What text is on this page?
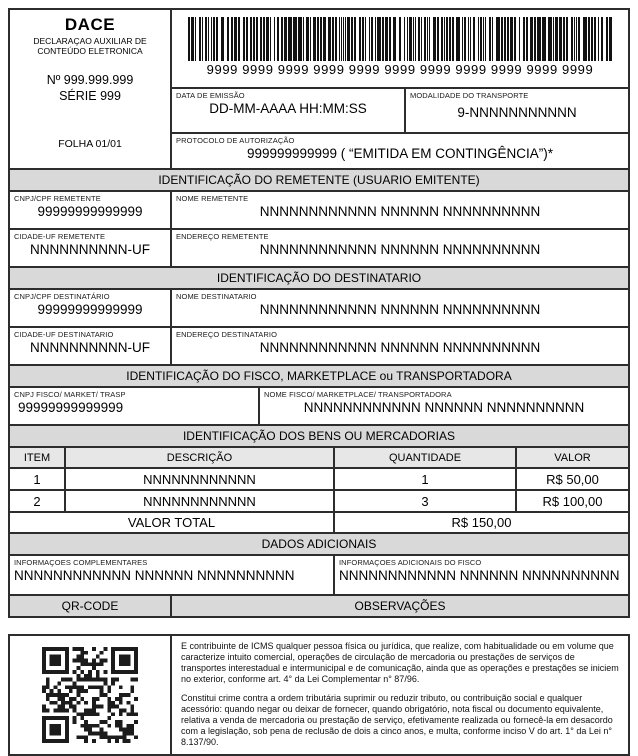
DACE
DECLARAÇAO AUXILIAR DE
CONTEÚDO ELETRONICA
Nº 999.999.999
SÉRIE 999
FOLHA 01/01
9999 9999 9999 9999 9999 9999 9999 9999 9999 9999 9999
DATA DE EMISSÃO
DD-MM-AAAA HH:MM:SS
MODALIDADE DO TRANSPORTE
9-NNNNNNNNNNN
PROTOCOLO DE AUTORIZAÇÃO
999999999999 ( “EMITIDA EM CONTINGÊNCIA”)*
IDENTIFICAÇÃO DO REMETENTE (USUARIO EMITENTE)
CNPJ/CPF REMETENTE
99999999999999
NOME REMETENTE
NNNNNNNNNNNN NNNNNN NNNNNNNNNN
CIDADE-UF REMETENTE
NNNNNNNNNN-UF
ENDEREÇO REMETENTE
NNNNNNNNNNNN NNNNNN NNNNNNNNNN
IDENTIFICAÇÃO DO DESTINATARIO
CNPJ/CPF DESTINATÁRIO
99999999999999
NOME DESTINATARIO
NNNNNNNNNNNN NNNNNN NNNNNNNNNN
CIDADE-UF DESTINATARIO
NNNNNNNNNN-UF
ENDEREÇO DESTINATARIO
NNNNNNNNNNNN NNNNNN NNNNNNNNNN
IDENTIFICAÇÃO DO FISCO, MARKETPLACE ou TRANSPORTADORA
CNPJ FISCO/ MARKET/ TRASP
99999999999999
NOME FISCO/ MARKETPLACE/ TRANSPORTADORA
NNNNNNNNNNNN NNNNNN NNNNNNNNNN
IDENTIFICAÇÃO DOS BENS OU MERCADORIAS
ITEM	DESCRIÇÃO	QUANTIDADE	VALOR
1	NNNNNNNNNNNN	1	R$ 50,00
2	NNNNNNNNNNNN	3	R$ 100,00
VALOR TOTAL	R$ 150,00
DADOS ADICIONAIS
INFORMAÇOES COMPLEMENTARES
NNNNNNNNNNNN NNNNNN NNNNNNNNNN
INFORMAÇOES ADICIONAIS DO FISCO
NNNNNNNNNNNN NNNNNN NNNNNNNNNN
QR-CODE	OBSERVAÇÕES

E contribuinte de ICMS qualquer pessoa física ou jurídica, que realize, com habitualidade ou em volume que caracterize intuito comercial, operações de circulação de mercadoria ou prestações de serviços de transportes interestadual e intermunicipal e de comunicação, ainda que as operações e prestações se iniciem no exterior, conforme art. 4° da Lei Complementar n° 87/96.

Constitui crime contra a ordem tributária suprimir ou reduzir tributo, ou contribuição social e qualquer acessório: quando negar ou deixar de fornecer, quando obrigatório, nota fiscal ou documento equivalente, relativa a venda de mercadoria ou prestação de serviço, efetivamente realizada ou fornecê-la em desacordo com a legislação, sob pena de reclusão de dois a cinco anos, e multa, conforme inciso V do art. 1° da Lei n° 8.137/90.
